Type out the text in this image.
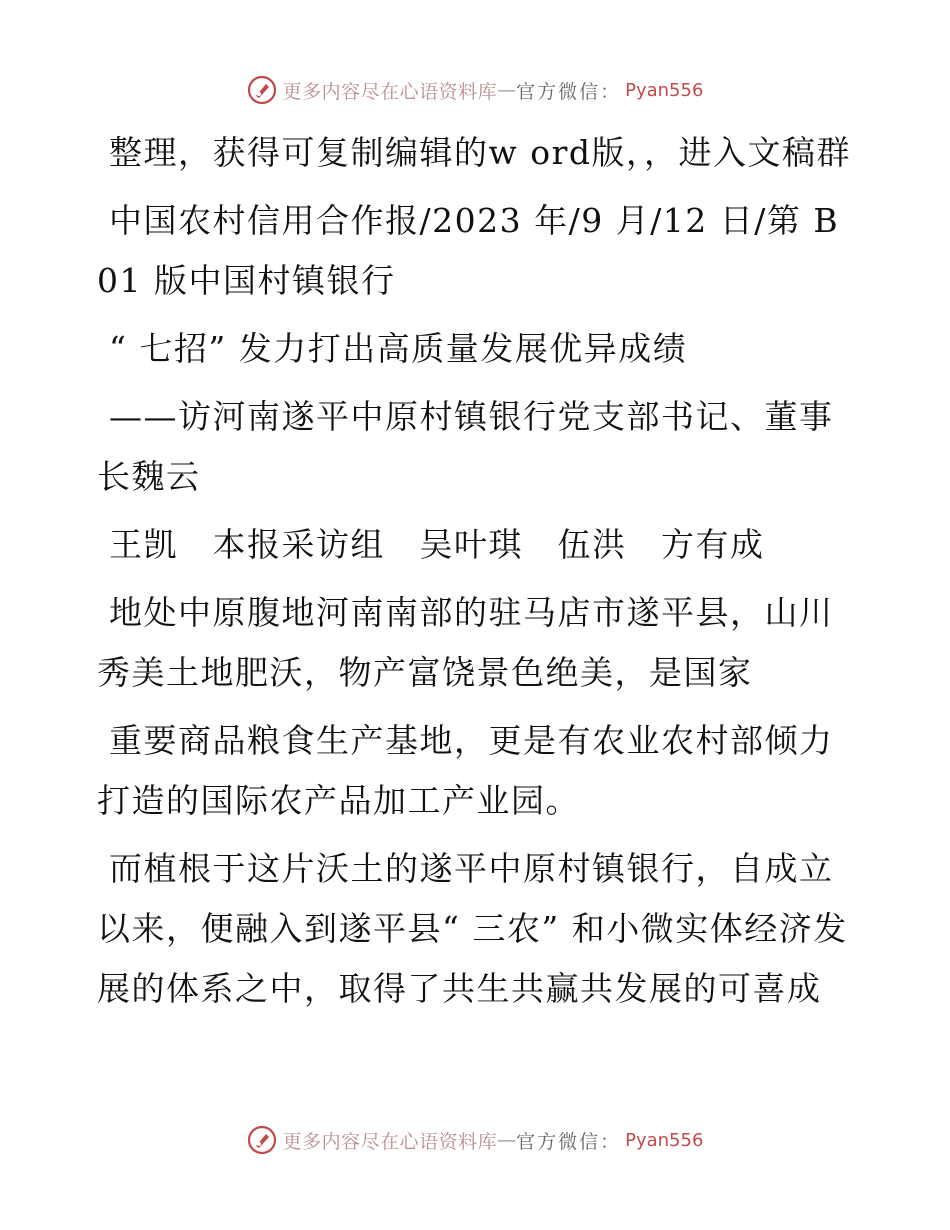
更多内容尽在心语资料库 — 官方微信： Pyan556

整理，获得可复制编辑的w ord版，，进入文稿群

中国农村信用合作报/2023 年/9 月/12 日/第 B01 版中国村镇银行

“ 七招” 发力打出高质量发展优异成绩

——访河南遂平中原村镇银行党支部书记、董事长魏云

王凯　本报采访组　吴叶琪　伍洪　方有成

地处中原腹地河南南部的驻马店市遂平县，山川秀美土地肥沃，物产富饶景色绝美，是国家

重要商品粮食生产基地，更是有农业农村部倾力打造的国际农产品加工产业园。

而植根于这片沃土的遂平中原村镇银行，自成立以来，便融入到遂平县“ 三农” 和小微实体经济发展的体系之中，取得了共生共赢共发展的可喜成

更多内容尽在心语资料库 — 官方微信： Pyan556
